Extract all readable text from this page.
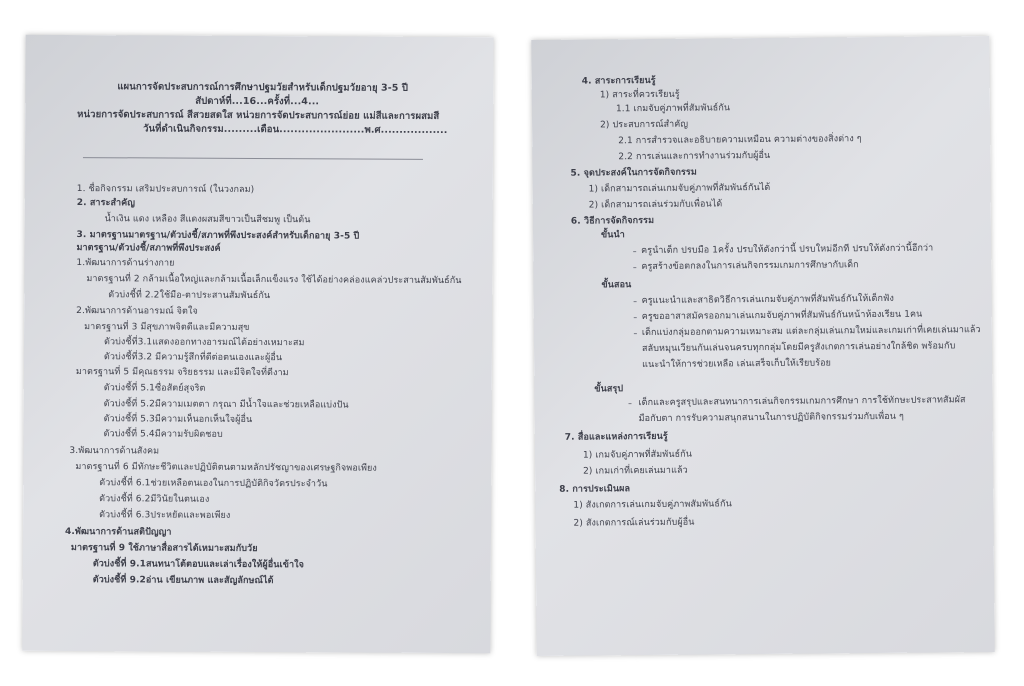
แผนการจัดประสบการณ์การศึกษาปฐมวัยสำหรับเด็กปฐมวัยอายุ 3-5 ปี
สัปดาห์ที่...16...ครั้งที่...4...
หน่วยการจัดประสบการณ์ สีสวยสดใส หน่วยการจัดประสบการณ์ย่อย แม่สีและการผสมสี
วันที่ดำเนินกิจกรรม.........เดือน.......................พ.ศ..................
1. ชื่อกิจกรรม เสริมประสบการณ์ (ในวงกลม)
2. สาระสำคัญ
น้ำเงิน แดง เหลือง สีแดงผสมสีขาวเป็นสีชมพู เป็นต้น
3. มาตรฐานมาตรฐาน/ตัวบ่งชี้/สภาพที่พึงประสงค์สำหรับเด็กอายุ 3-5 ปี
มาตรฐาน/ตัวบ่งชี้/สภาพที่พึงประสงค์
1.พัฒนาการด้านร่างกาย
มาตรฐานที่ 2 กล้ามเนื้อใหญ่และกล้ามเนื้อเล็กแข็งแรง ใช้ได้อย่างคล่องแคล่วประสานสัมพันธ์กัน
ตัวบ่งชี้ที่ 2.2ใช้มือ-ตาประสานสัมพันธ์กัน
2.พัฒนาการด้านอารมณ์ จิตใจ
มาตรฐานที่ 3 มีสุขภาพจิตดีและมีความสุข
ตัวบ่งชี้ที่3.1แสดงออกทางอารมณ์ได้อย่างเหมาะสม
ตัวบ่งชี้ที่3.2 มีความรู้สึกที่ดีต่อตนเองและผู้อื่น
มาตรฐานที่ 5 มีคุณธรรม จริยธรรม และมีจิตใจที่ดีงาม
ตัวบ่งชี้ที่ 5.1ซื่อสัตย์สุจริต
ตัวบ่งชี้ที่ 5.2มีความเมตตา กรุณา มีน้ำใจและช่วยเหลือแบ่งปัน
ตัวบ่งชี้ที่ 5.3มีความเห็นอกเห็นใจผู้อื่น
ตัวบ่งชี้ที่ 5.4มีความรับผิดชอบ
3.พัฒนาการด้านสังคม
มาตรฐานที่ 6 มีทักษะชีวิตและปฏิบัติตนตามหลักปรัชญาของเศรษฐกิจพอเพียง
ตัวบ่งชี้ที่ 6.1ช่วยเหลือตนเองในการปฏิบัติกิจวัตรประจำวัน
ตัวบ่งชี้ที่ 6.2มีวินัยในตนเอง
ตัวบ่งชี้ที่ 6.3ประหยัดและพอเพียง
4.พัฒนาการด้านสติปัญญา
มาตรฐานที่ 9 ใช้ภาษาสื่อสารได้เหมาะสมกับวัย
ตัวบ่งชี้ที่ 9.1สนทนาโต้ตอบและเล่าเรื่องให้ผู้อื่นเข้าใจ
ตัวบ่งชี้ที่ 9.2อ่าน เขียนภาพ และสัญลักษณ์ได้
4. สาระการเรียนรู้
1) สาระที่ควรเรียนรู้
1.1 เกมจับคู่ภาพที่สัมพันธ์กัน
2) ประสบการณ์สำคัญ
2.1 การสำรวจและอธิบายความเหมือน ความต่างของสิ่งต่าง ๆ
2.2 การเล่นและการทำงานร่วมกับผู้อื่น
5. จุดประสงค์ในการจัดกิจกรรม
1) เด็กสามารถเล่นเกมจับคู่ภาพที่สัมพันธ์กันได้
2) เด็กสามารถเล่นร่วมกับเพื่อนได้
6. วิธีการจัดกิจกรรม
ขั้นนำ
ครูนำเด็ก ปรบมือ 1ครั้ง ปรบให้ดังกว่านี้ ปรบใหม่อีกที ปรบให้ดังกว่านี้อีกว่า
ครูสร้างข้อตกลงในการเล่นกิจกรรมเกมการศึกษากับเด็ก
ขั้นสอน
ครูแนะนำและสาธิตวิธีการเล่นเกมจับคู่ภาพที่สัมพันธ์กันให้เด็กฟัง
ครูขออาสาสมัครออกมาเล่นเกมจับคู่ภาพที่สัมพันธ์กันหน้าห้องเรียน 1คน
เด็กแบ่งกลุ่มออกตามความเหมาะสม แต่ละกลุ่มเล่นเกมใหม่และเกมเก่าที่เคยเล่นมาแล้ว
สลับหมุนเวียนกันเล่นจนครบทุกกลุ่มโดยมีครูสังเกตการเล่นอย่างใกล้ชิด พร้อมกับ
แนะนำให้การช่วยเหลือ เล่นเสร็จเก็บให้เรียบร้อย
ขั้นสรุป
เด็กและครูสรุปและสนทนาการเล่นกิจกรรมเกมการศึกษา การใช้ทักษะประสาทสัมผัส
มือกับตา การรับความสนุกสนานในการปฏิบัติกิจกรรมร่วมกับเพื่อน ๆ
7. สื่อและแหล่งการเรียนรู้
1) เกมจับคู่ภาพที่สัมพันธ์กัน
2) เกมเก่าที่เคยเล่นมาแล้ว
8. การประเมินผล
1) สังเกตการเล่นเกมจับคู่ภาพสัมพันธ์กัน
2) สังเกตการณ์เล่นร่วมกับผู้อื่น
